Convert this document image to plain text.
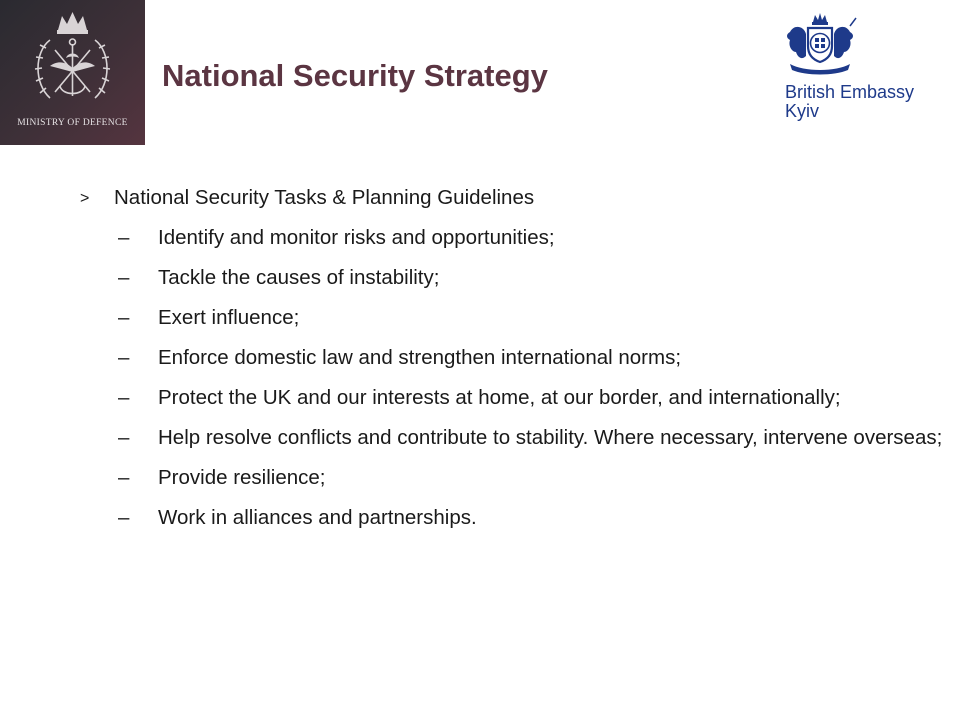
MINISTRY OF DEFENCE
National Security Strategy	British Embassy
Kyiv
> National Security Tasks & Planning Guidelines
– Identify and monitor risks and opportunities;
– Tackle the causes of instability;
– Exert influence;
– Enforce domestic law and strengthen international norms;
– Protect the UK and our interests at home, at our border, and internationally;
– Help resolve conflicts and contribute to stability. Where necessary, intervene overseas;
– Provide resilience;
– Work in alliances and partnerships.
